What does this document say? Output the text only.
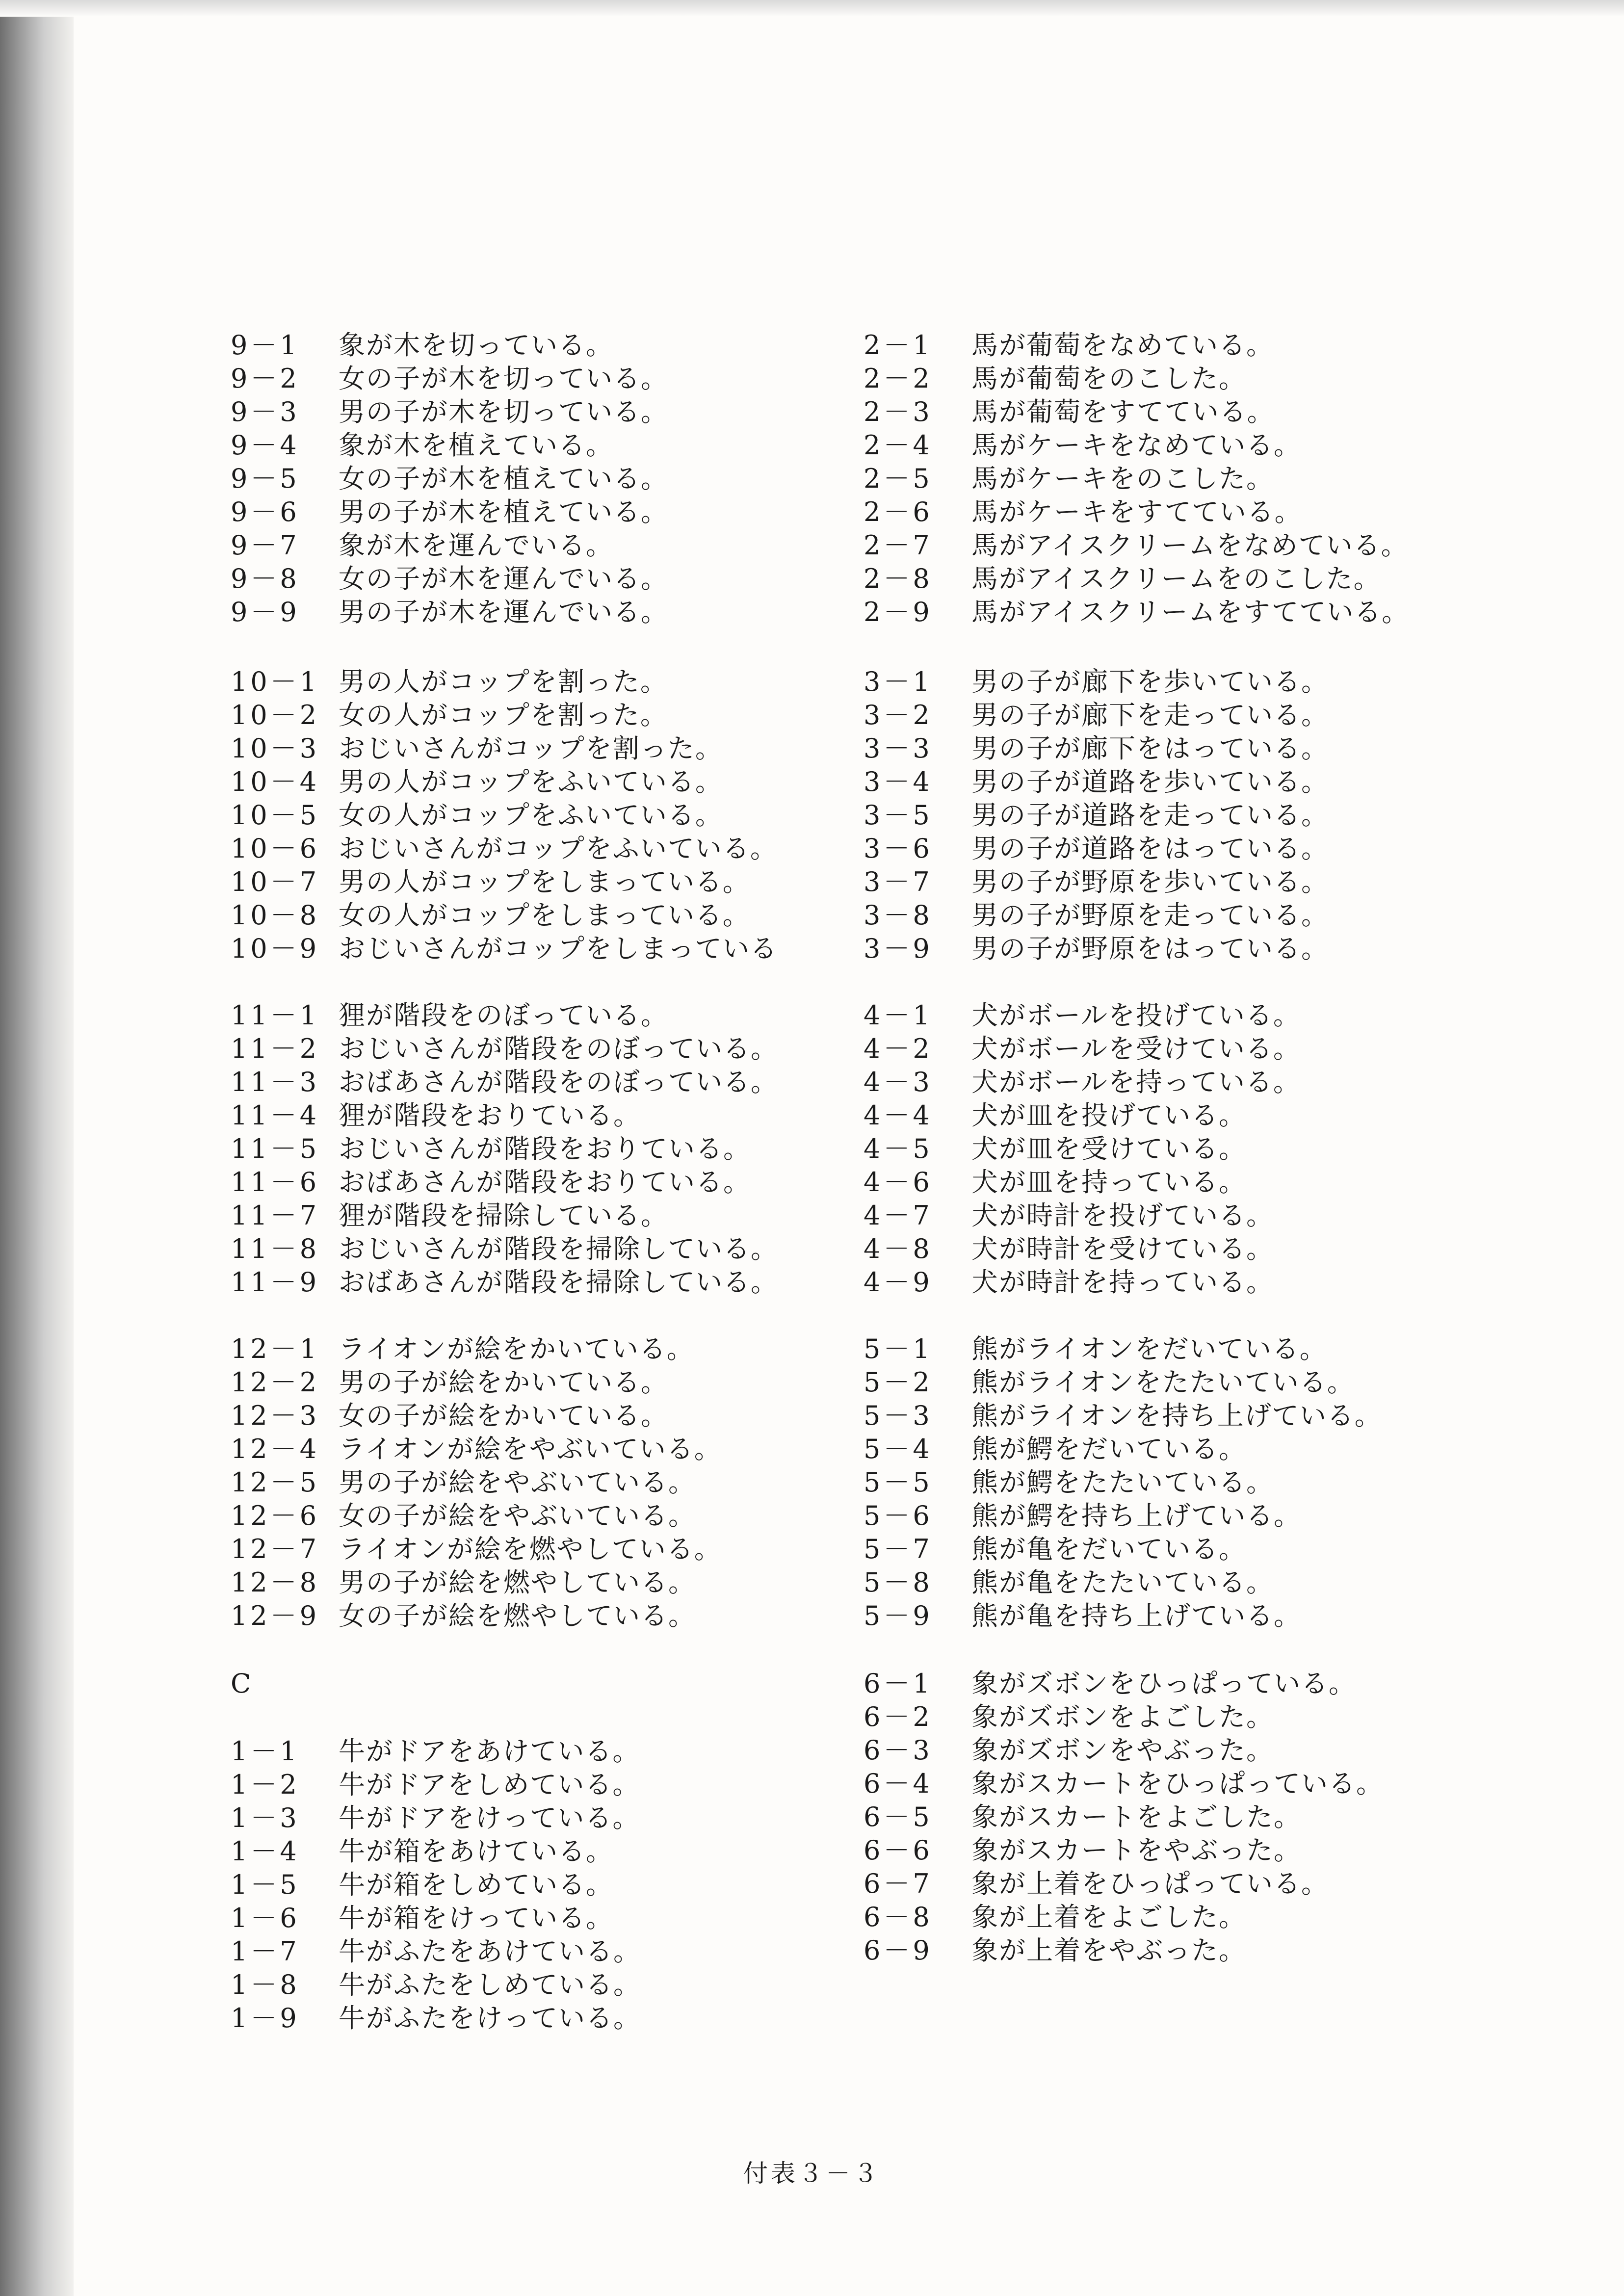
9－1	象が木を切っている。
9－2	女の子が木を切っている。
9－3	男の子が木を切っている。
9－4	象が木を植えている。
9－5	女の子が木を植えている。
9－6	男の子が木を植えている。
9－7	象が木を運んでいる。
9－8	女の子が木を運んでいる。
9－9	男の子が木を運んでいる。
10－1 男の人がコップを割った。
10－2 女の人がコップを割った。
10－3 おじいさんがコップを割った。
10－4 男の人がコップをふいている。
10－5 女の人がコップをふいている。
10－6 おじいさんがコップをふいている。
10－7 男の人がコップをしまっている。
10－8 女の人がコップをしまっている。
10－9 おじいさんがコップをしまっている
11－1 狸が階段をのぼっている。
11－2 おじいさんが階段をのぼっている。
11－3 おばあさんが階段をのぼっている。
11－4 狸が階段をおりている。
11－5 おじいさんが階段をおりている。
11－6 おばあさんが階段をおりている。
11－7 狸が階段を掃除している。
11－8 おじいさんが階段を掃除している。
11－9 おばあさんが階段を掃除している。
12－1 ライオンが絵をかいている。
12－2 男の子が絵をかいている。
12－3 女の子が絵をかいている。
12－4 ライオンが絵をやぶいている。
12－5 男の子が絵をやぶいている。
12－6 女の子が絵をやぶいている。
12－7 ライオンが絵を燃やしている。
12－8 男の子が絵を燃やしている。
12－9 女の子が絵を燃やしている。
C
1－1	牛がドアをあけている。
1－2	牛がドアをしめている。
1－3	牛がドアをけっている。
1－4	牛が箱をあけている。
1－5	牛が箱をしめている。
1－6	牛が箱をけっている。
1－7	牛がふたをあけている。
1－8	牛がふたをしめている。
1－9	牛がふたをけっている。
2－1	馬が葡萄をなめている。
2－2	馬が葡萄をのこした。
2－3	馬が葡萄をすてている。
2－4	馬がケーキをなめている。
2－5	馬がケーキをのこした。
2－6	馬がケーキをすてている。
2－7	馬がアイスクリームをなめている。
2－8	馬がアイスクリームをのこした。
2－9	馬がアイスクリームをすてている。
3－1	男の子が廊下を歩いている。
3－2	男の子が廊下を走っている。
3－3	男の子が廊下をはっている。
3－4	男の子が道路を歩いている。
3－5	男の子が道路を走っている。
3－6	男の子が道路をはっている。
3－7	男の子が野原を歩いている。
3－8	男の子が野原を走っている。
3－9	男の子が野原をはっている。
4－1	犬がボールを投げている。
4－2	犬がボールを受けている。
4－3	犬がボールを持っている。
4－4	犬が皿を投げている。
4－5	犬が皿を受けている。
4－6	犬が皿を持っている。
4－7	犬が時計を投げている。
4－8	犬が時計を受けている。
4－9	犬が時計を持っている。
5－1	熊がライオンをだいている。
5－2	熊がライオンをたたいている。
5－3	熊がライオンを持ち上げている。
5－4	熊が鰐をだいている。
5－5	熊が鰐をたたいている。
5－6	熊が鰐を持ち上げている。
5－7	熊が亀をだいている。
5－8	熊が亀をたたいている。
5－9	熊が亀を持ち上げている。
6－1	象がズボンをひっぱっている。
6－2	象がズボンをよごした。
6－3	象がズボンをやぶった。
6－4	象がスカートをひっぱっている。
6－5	象がスカートをよごした。
6－6	象がスカートをやぶった。
6－7	象が上着をひっぱっている。
6－8	象が上着をよごした。
6－9	象が上着をやぶった。
付表３－３
